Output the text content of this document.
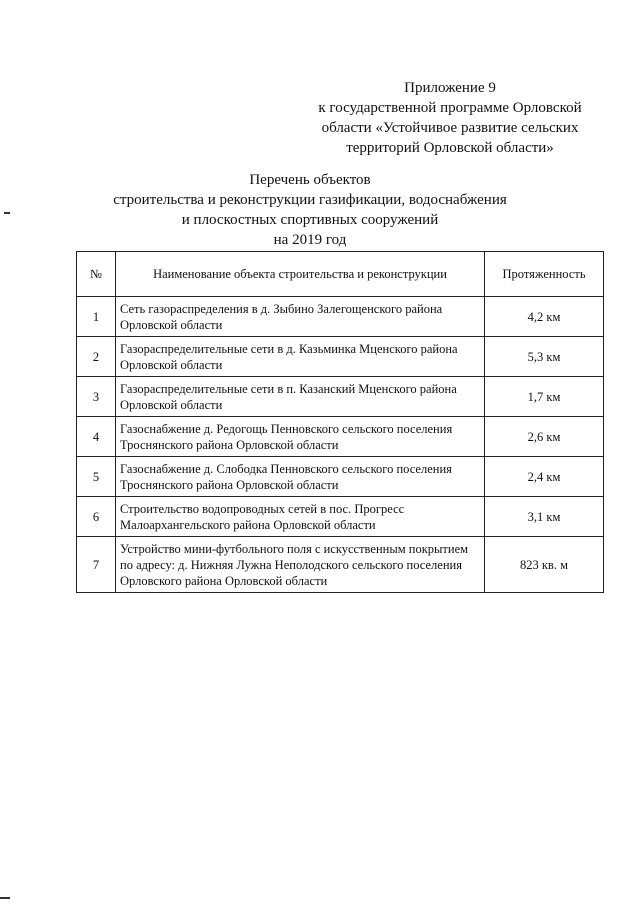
Приложение 9
к государственной программе Орловской
области «Устойчивое развитие сельских
территорий Орловской области»
Перечень объектов
строительства и реконструкции газификации, водоснабжения
и плоскостных спортивных сооружений
на 2019 год
№	Наименование объекта строительства и реконструкции	Протяженность
1	Сеть газораспределения в д. Зыбино Залегощенского района Орловской области	4,2 км
2	Газораспределительные сети в д. Казьминка Мценского района Орловской области	5,3 км
3	Газораспределительные сети в п. Казанский Мценского района Орловской области	1,7 км
4	Газоснабжение д. Редогощь Пенновского сельского поселения Троснянского района Орловской области	2,6 км
5	Газоснабжение д. Слободка Пенновского сельского поселения Троснянского района Орловской области	2,4 км
6	Строительство водопроводных сетей в пос. Прогресс Малоархангельского района Орловской области	3,1 км
7	Устройство мини-футбольного поля с искусственным покрытием по адресу: д. Нижняя Лужна Неполодского сельского поселения Орловского района Орловской области	823 кв. м
